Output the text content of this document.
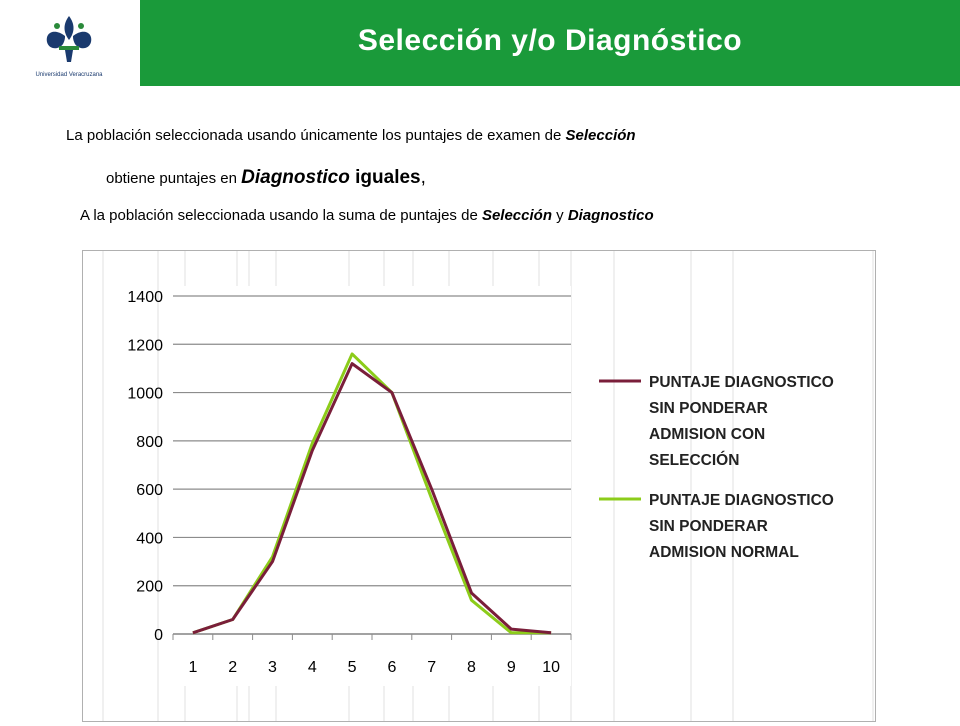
Universidad Veracruzana
Selección y/o Diagnóstico
La población seleccionada usando únicamente los puntajes de examen de Selección
obtiene puntajes en Diagnostico iguales,
A la población seleccionada usando la suma de puntajes de Selección y Diagnostico
0
200
400
600
800
1000
1200
1400
1 2 3 4 5 6 7 8 9 10
PUNTAJE DIAGNOSTICO
SIN PONDERAR
ADMISION CON
SELECCIÓN
PUNTAJE DIAGNOSTICO
SIN PONDERAR
ADMISION NORMAL
